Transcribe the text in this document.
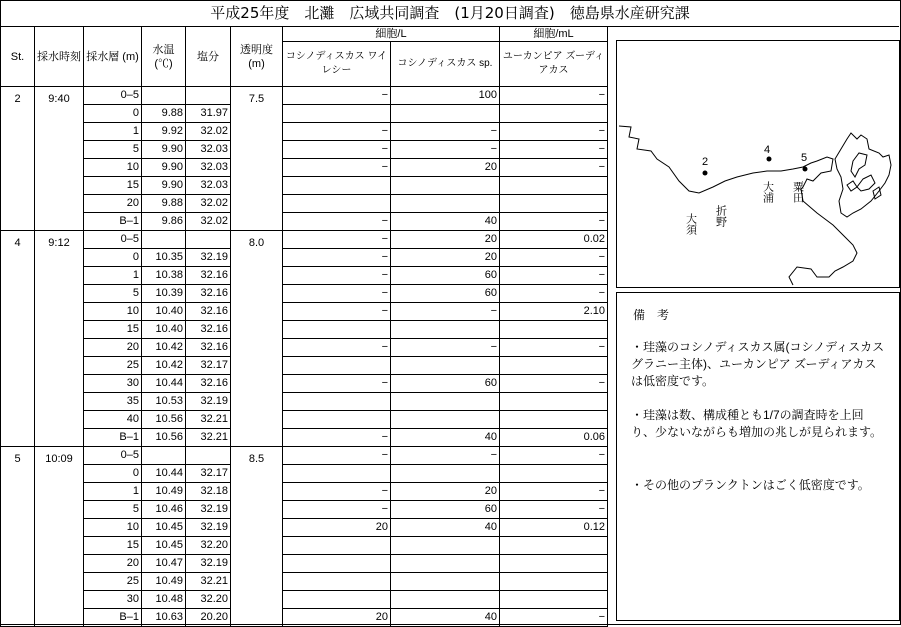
平成25年度　北灘　広域共同調査　(1月20日調査)　徳島県水産研究課
St.	採水時刻	採水層 (m)	水温 (℃)	塩分	透明度 (m)	細胞/L		細胞/mL
						コシノディスカス ワイレシー	コシノディスカス sp.	ユーカンピア ズーディアカス
2	9:40	0–5			7.5	−	100	−
		0	9.88	31.97				
		1	9.92	32.02		−	−	−
		5	9.90	32.03		−	−	−
		10	9.90	32.03		−	20	−
		15	9.90	32.03				
		20	9.88	32.02				
		B–1	9.86	32.02		−	40	−
4	9:12	0–5			8.0	−	20	0.02
		0	10.35	32.19		−	20	−
		1	10.38	32.16		−	60	−
		5	10.39	32.16		−	60	−
		10	10.40	32.16		−	−	2.10
		15	10.40	32.16				
		20	10.42	32.16		−	−	−
		25	10.42	32.17				
		30	10.44	32.16		−	60	−
		35	10.53	32.19				
		40	10.56	32.21				
		B–1	10.56	32.21		−	40	0.06
5	10:09	0–5			8.5	−	−	−
		0	10.44	32.17				
		1	10.49	32.18		−	20	−
		5	10.46	32.19		−	60	−
		10	10.45	32.19		20	40	0.12
		15	10.45	32.20				
		20	10.47	32.19				
		25	10.49	32.21				
		30	10.48	32.20				
		B–1	10.63	20.20		20	40	−
2
4
5
大須 折野
大浦 粟田
備　考
・珪藻のコシノディスカス属(コシノディスカス グラニー主体)、ユーカンピア ズーディアカスは低密度です。
・珪藻は数、構成種とも1/7の調査時を上回り、少ないながらも増加の兆しが見られます。
・その他のプランクトンはごく低密度です。
